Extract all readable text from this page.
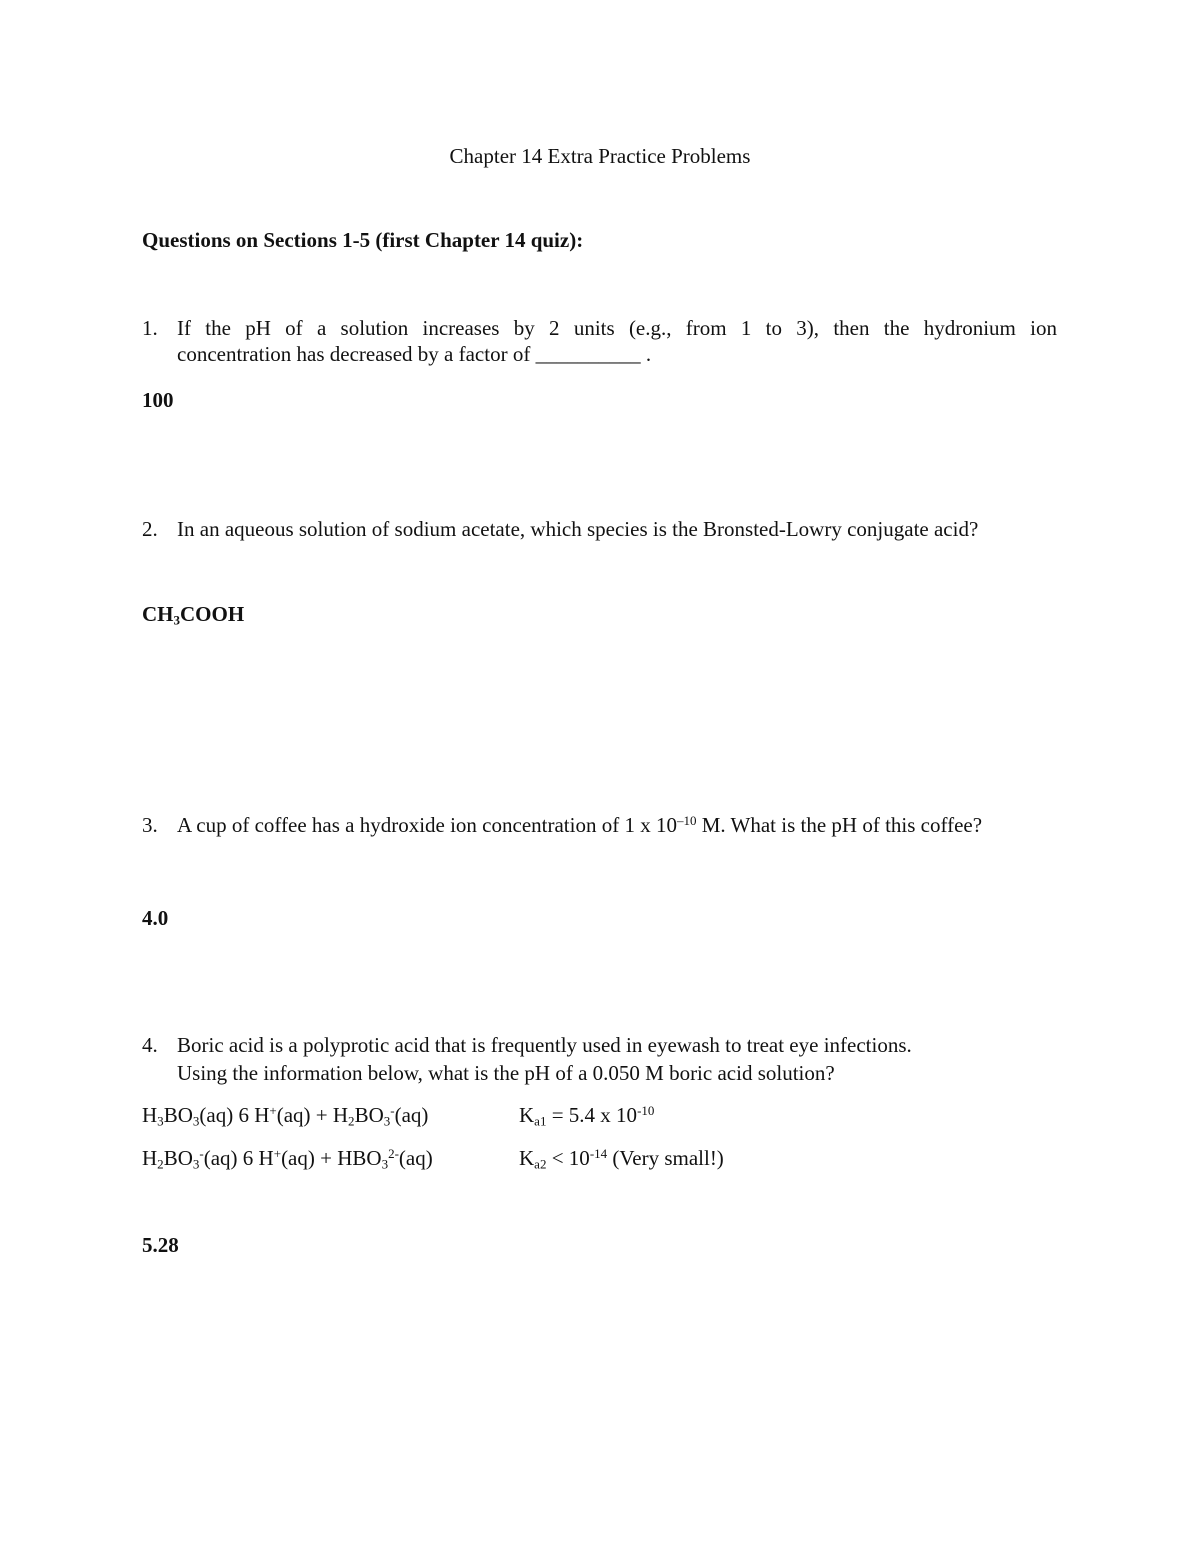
Chapter 14 Extra Practice Problems
Questions on Sections 1-5 (first Chapter 14 quiz):
1. If the pH of a solution increases by 2 units (e.g., from 1 to 3), then the hydronium ion
concentration has decreased by a factor of __________ .
100
2. In an aqueous solution of sodium acetate, which species is the Bronsted-Lowry conjugate acid?
$CH_3COOH$
3. A cup of coffee has a hydroxide ion concentration of 1 x $10^{-10}$ M. What is the pH of this coffee?
4.0
4. Boric acid is a polyprotic acid that is frequently used in eyewash to treat eye infections.
Using the information below, what is the pH of a 0.050 M boric acid solution?
$H_3BO_3(aq)$ 6 $H^+(aq) + H_2BO_3^-(aq)$	$K_{a1} = 5.4$ x $10^{-10}$
$H_2BO_3^-(aq)$ 6 $H^+(aq) + HBO_3^{2-}(aq)$	$K_{a2} < 10^{-14}$ (Very small!)
5.28
